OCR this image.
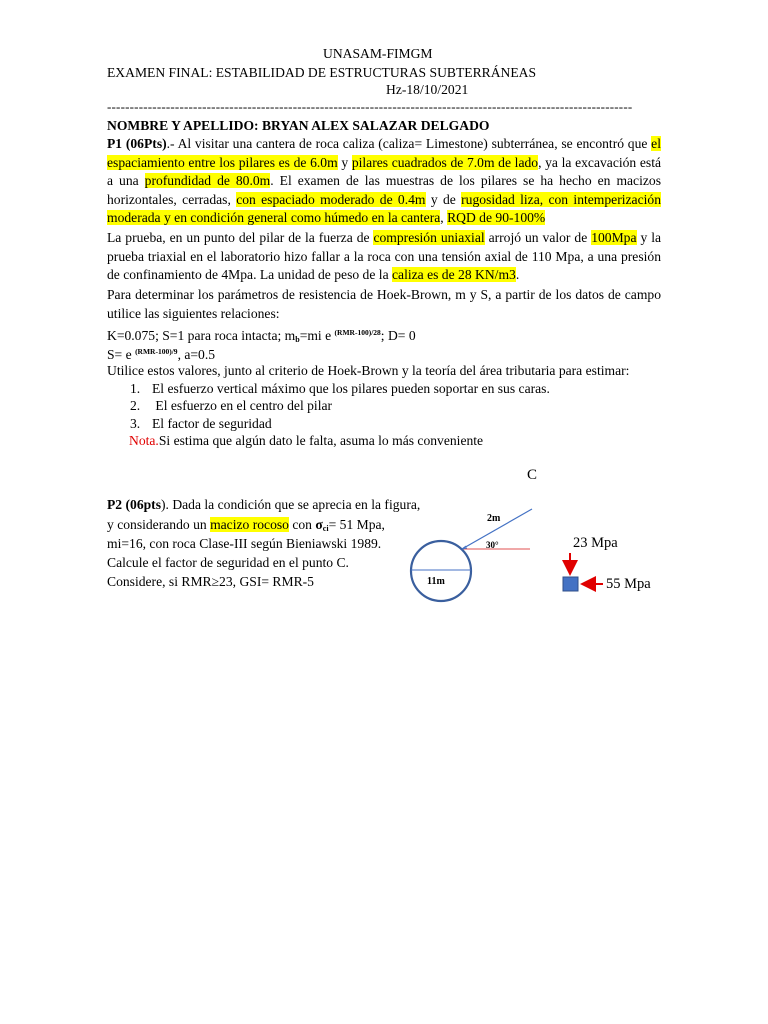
UNASAM-FIMGM
EXAMEN FINAL: ESTABILIDAD DE ESTRUCTURAS SUBTERRÁNEAS
Hz-18/10/2021
--------------------------------------------------------------------------------------------------------------------
NOMBRE Y APELLIDO: BRYAN ALEX SALAZAR DELGADO
P1 (06Pts).- Al visitar una cantera de roca caliza (caliza= Limestone) subterránea, se encontró que el espaciamiento entre los pilares es de 6.0m y pilares cuadrados de 7.0m de lado, ya la excavación está a una profundidad de 80.0m. El examen de las muestras de los pilares se ha hecho en macizos horizontales, cerradas, con espaciado moderado de 0.4m y de rugosidad liza, con intemperización moderada y en condición general como húmedo en la cantera, RQD de 90-100%
La prueba, en un punto del pilar de la fuerza de compresión uniaxial arrojó un valor de 100Mpa y la prueba triaxial en el laboratorio hizo fallar a la roca con una tensión axial de 110 Mpa, a una presión de confinamiento de 4Mpa. La unidad de peso de la caliza es de 28 KN/m3.
Para determinar los parámetros de resistencia de Hoek-Brown, m y S, a partir de los datos de campo utilice las siguientes relaciones:
K=0.075; S=1 para roca intacta; $m_b=mi$ e $^{(RMR-100)/28}$; D= 0
S= e $^{(RMR-100)/9}$, a=0.5
Utilice estos valores, junto al criterio de Hoek-Brown y la teoría del área tributaria para estimar:
1. El esfuerzo vertical máximo que los pilares pueden soportar en sus caras.
2. El esfuerzo en el centro del pilar
3. El factor de seguridad
Nota.Si estima que algún dato le falta, asuma lo más conveniente
C
P2 (06pts). Dada la condición que se aprecia en la figura,
y considerando un macizo rocoso con $\sigma_{ci}= 51$ Mpa,
mi=16, con roca Clase-III según Bieniawski 1989.
Calcule el factor de seguridad en el punto C.
Considere, si RMR≥23, GSI= RMR-5
2m
30°
11m
23 Mpa
55 Mpa
